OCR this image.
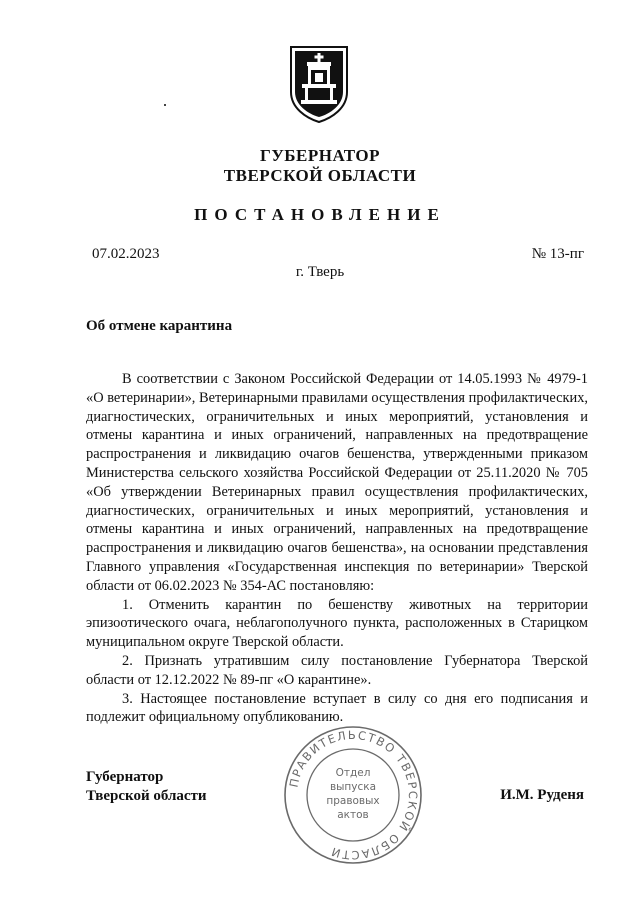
ГУБЕРНАТОР
ТВЕРСКОЙ ОБЛАСТИ
ПОСТАНОВЛЕНИЕ
07.02.2023	№ 13-пг
г. Тверь
Об отмене карантина

В соответствии с Законом Российской Федерации от 14.05.1993 № 4979-1 «О ветеринарии», Ветеринарными правилами осуществления профилактических, диагностических, ограничительных и иных мероприятий, установления и отмены карантина и иных ограничений, направленных на предотвращение распространения и ликвидацию очагов бешенства, утвержденными приказом Министерства сельского хозяйства Российской Федерации от 25.11.2020 № 705 «Об утверждении Ветеринарных правил осуществления профилактических, диагностических, ограничительных и иных мероприятий, установления и отмены карантина и иных ограничений, направленных на предотвращение распространения и ликвидацию очагов бешенства», на основании представления Главного управления «Государственная инспекция по ветеринарии» Тверской области от 06.02.2023 № 354-АС постановляю:

1. Отменить карантин по бешенству животных на территории эпизоотического очага, неблагополучного пункта, расположенных в Старицком муниципальном округе Тверской области.

2. Признать утратившим силу постановление Губернатора Тверской области от 12.12.2022 № 89-пг «О карантине».

3. Настоящее постановление вступает в силу со дня его подписания и подлежит официальному опубликованию.

Губернатор
Тверской области	И.М. Руденя
ПРАВИТЕЛЬСТВО ТВЕРСКОЙ ОБЛАСТИ
Отдел
выпуска
правовых
актов
